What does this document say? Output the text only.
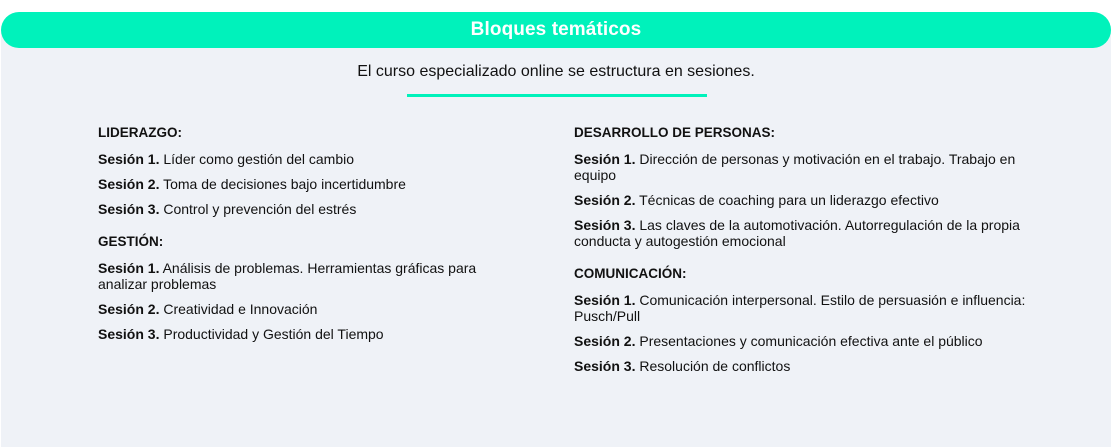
Bloques temáticos
El curso especializado online se estructura en sesiones.
LIDERAZGO:
Sesión 1. Líder como gestión del cambio
Sesión 2. Toma de decisiones bajo incertidumbre
Sesión 3. Control y prevención del estrés
GESTIÓN:
Sesión 1. Análisis de problemas. Herramientas gráficas para analizar problemas
Sesión 2. Creatividad e Innovación
Sesión 3. Productividad y Gestión del Tiempo
DESARROLLO DE PERSONAS:
Sesión 1. Dirección de personas y motivación en el trabajo. Trabajo en equipo
Sesión 2. Técnicas de coaching para un liderazgo efectivo
Sesión 3. Las claves de la automotivación. Autorregulación de la propia conducta y autogestión emocional
COMUNICACIÓN:
Sesión 1. Comunicación interpersonal. Estilo de persuasión e influencia: Pusch/Pull
Sesión 2. Presentaciones y comunicación efectiva ante el público
Sesión 3. Resolución de conflictos
